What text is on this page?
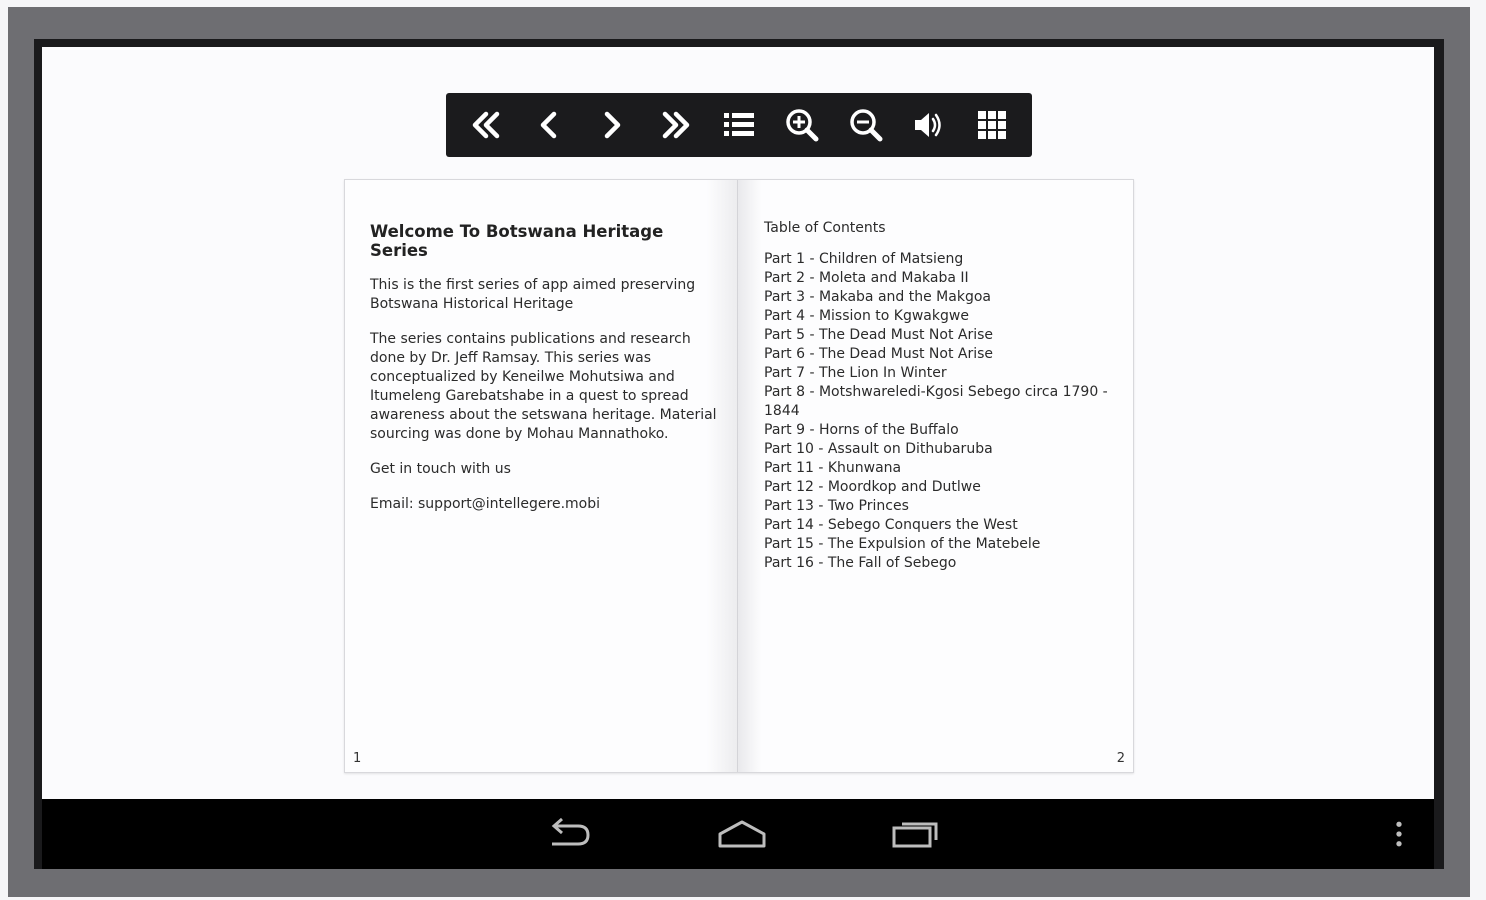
Welcome To Botswana Heritage Series

This is the first series of app aimed preserving Botswana Historical Heritage

The series contains publications and research done by Dr. Jeff Ramsay. This series was conceptualized by Keneilwe Mohutsiwa and Itumeleng Garebatshabe in a quest to spread awareness about the setswana heritage. Material sourcing was done by Mohau Mannathoko.

Get in touch with us

Email: support@intellegere.mobi

1

Table of Contents

Part 1 - Children of Matsieng
Part 2 - Moleta and Makaba II
Part 3 - Makaba and the Makgoa
Part 4 - Mission to Kgwakgwe
Part 5 - The Dead Must Not Arise
Part 6 - The Dead Must Not Arise
Part 7 - The Lion In Winter
Part 8 - Motshwareledi-Kgosi Sebego circa 1790 - 1844
Part 9 - Horns of the Buffalo
Part 10 - Assault on Dithubaruba
Part 11 - Khunwana
Part 12 - Moordkop and Dutlwe
Part 13 - Two Princes
Part 14 - Sebego Conquers the West
Part 15 - The Expulsion of the Matebele
Part 16 - The Fall of Sebego
2
